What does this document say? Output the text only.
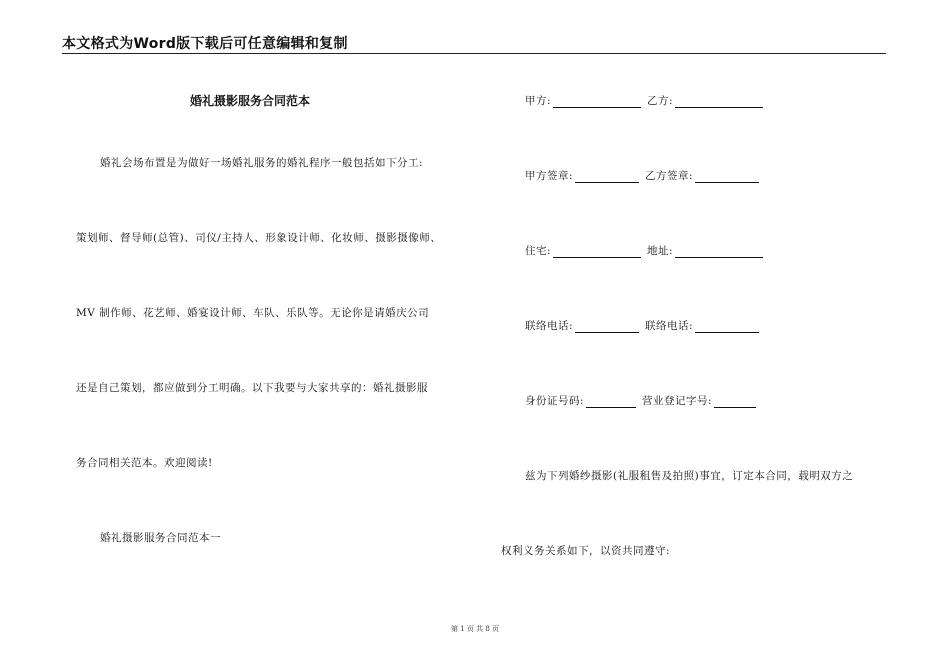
本文格式为Word版下载后可任意编辑和复制
婚礼摄影服务合同范本
婚礼会场布置是为做好一场婚礼服务的婚礼程序一般包括如下分工:
策划师、督导师(总管)、司仪/主持人、形象设计师、化妆师、摄影摄像师、
MV 制作师、花艺师、婚宴设计师、车队、乐队等。无论你是请婚庆公司
还是自己策划，都应做到分工明确。以下我要与大家共享的：婚礼摄影服
务合同相关范本。欢迎阅读!
婚礼摄影服务合同范本一
甲方:	乙方:
甲方签章:	乙方签章:
住宅:	地址:
联络电话:	联络电话:
身份证号码:	营业登记字号:
兹为下列婚纱摄影(礼服租售及拍照)事宜，订定本合同，载明双方之
权利义务关系如下，以资共同遵守:
第 1 页 共 8 页
